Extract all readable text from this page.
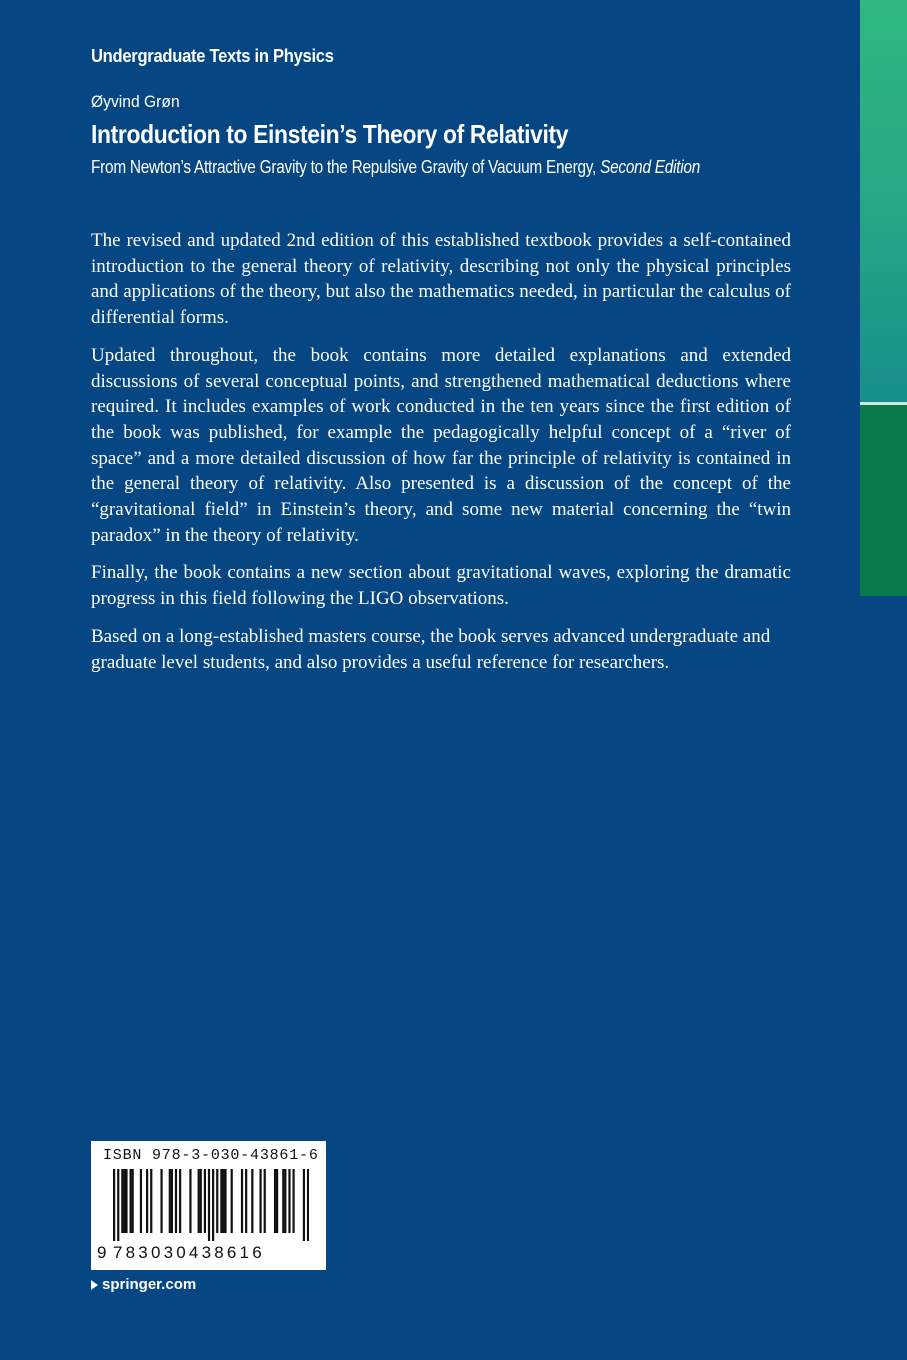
Undergraduate Texts in Physics
Øyvind Grøn
Introduction to Einstein’s Theory of Relativity
From Newton’s Attractive Gravity to the Repulsive Gravity of Vacuum Energy, Second Edition

The revised and updated 2nd edition of this established textbook provides a self-contained introduction to the general theory of relativity, describing not only the physical principles and applications of the theory, but also the mathematics needed, in particular the calculus of differential forms.

Updated throughout, the book contains more detailed explanations and extended discussions of several conceptual points, and strengthened mathematical deductions where required. It includes examples of work conducted in the ten years since the first edition of the book was published, for example the pedagogically helpful concept of a “river of space” and a more detailed discussion of how far the principle of relativity is contained in the general theory of relativity. Also presented is a discussion of the concept of the “gravitational field” in Einstein’s theory, and some new material concerning the “twin paradox” in the theory of relativity.

Finally, the book contains a new section about gravitational waves, exploring the dramatic progress in this field following the LIGO observations.

Based on a long-established masters course, the book serves advanced undergraduate and graduate level students, and also provides a useful reference for researchers.

ISBN 978-3-030-43861-6
9 783030438616
springer.com
